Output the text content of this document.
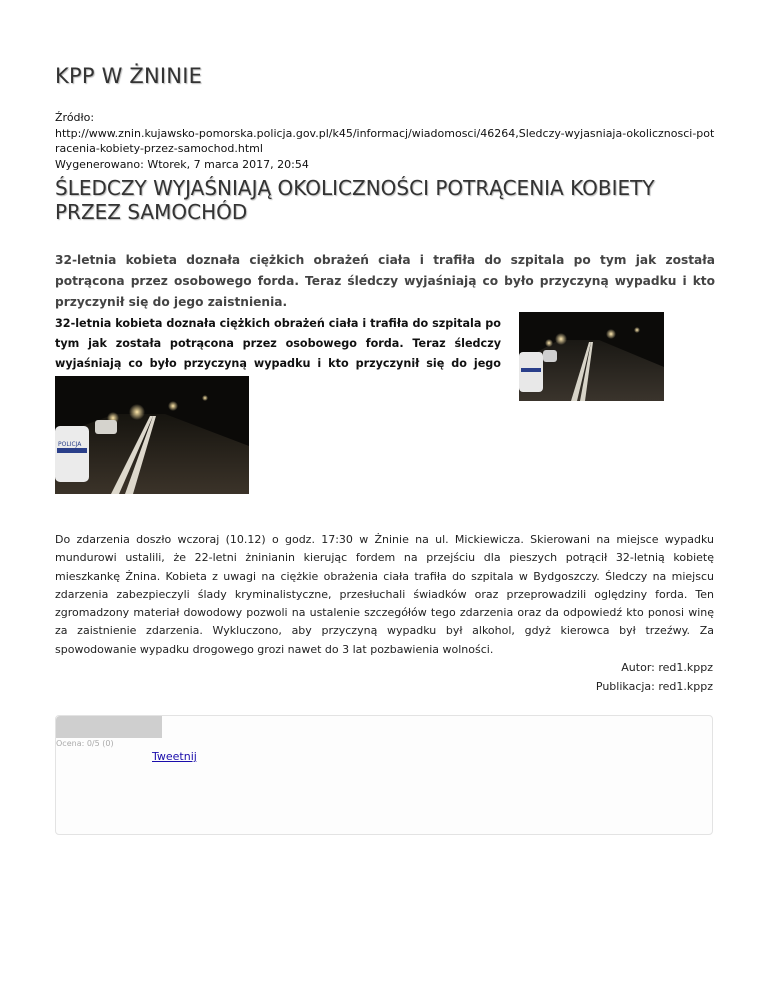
KPP W ŻNINIE
Źródło:
http://www.znin.kujawsko-pomorska.policja.gov.pl/k45/informacj/wiadomosci/46264,Sledczy-wyjasniaja-okolicznosci-potracenia-kobiety-przez-samochod.html
Wygenerowano: Wtorek, 7 marca 2017, 20:54
ŚLEDCZY WYJAŚNIAJĄ OKOLICZNOŚCI POTRĄCENIA KOBIETY PRZEZ SAMOCHÓD
32-letnia kobieta doznała ciężkich obrażeń ciała i trafiła do szpitala po tym jak została potrącona przez osobowego forda. Teraz śledczy wyjaśniają co było przyczyną wypadku i kto przyczynił się do jego zaistnienia.
32-letnia kobieta doznała ciężkich obrażeń ciała i trafiła do szpitala po tym jak została potrącona przez osobowego forda. Teraz śledczy wyjaśniają co było przyczyną wypadku i kto przyczynił się do jego
POLICJA
Do zdarzenia doszło wczoraj (10.12) o godz. 17:30 w Żninie na ul. Mickiewicza. Skierowani na miejsce wypadku mundurowi ustalili, że 22-letni żninianin kierując fordem na przejściu dla pieszych potrącił 32-letnią kobietę mieszkankę Żnina. Kobieta z uwagi na ciężkie obrażenia ciała trafiła do szpitala w Bydgoszczy. Śledczy na miejscu zdarzenia zabezpieczyli ślady kryminalistyczne, przesłuchali świadków oraz przeprowadzili oględziny forda. Ten zgromadzony materiał dowodowy pozwoli na ustalenie szczegółów tego zdarzenia oraz da odpowiedź kto ponosi winę za zaistnienie zdarzenia. Wykluczono, aby przyczyną wypadku był alkohol, gdyż kierowca był trzeźwy. Za spowodowanie wypadku drogowego grozi nawet do 3 lat pozbawienia wolności.
Autor: red1.kppz
Publikacja: red1.kppz
Ocena: 0/5 (0)
Tweetnij
